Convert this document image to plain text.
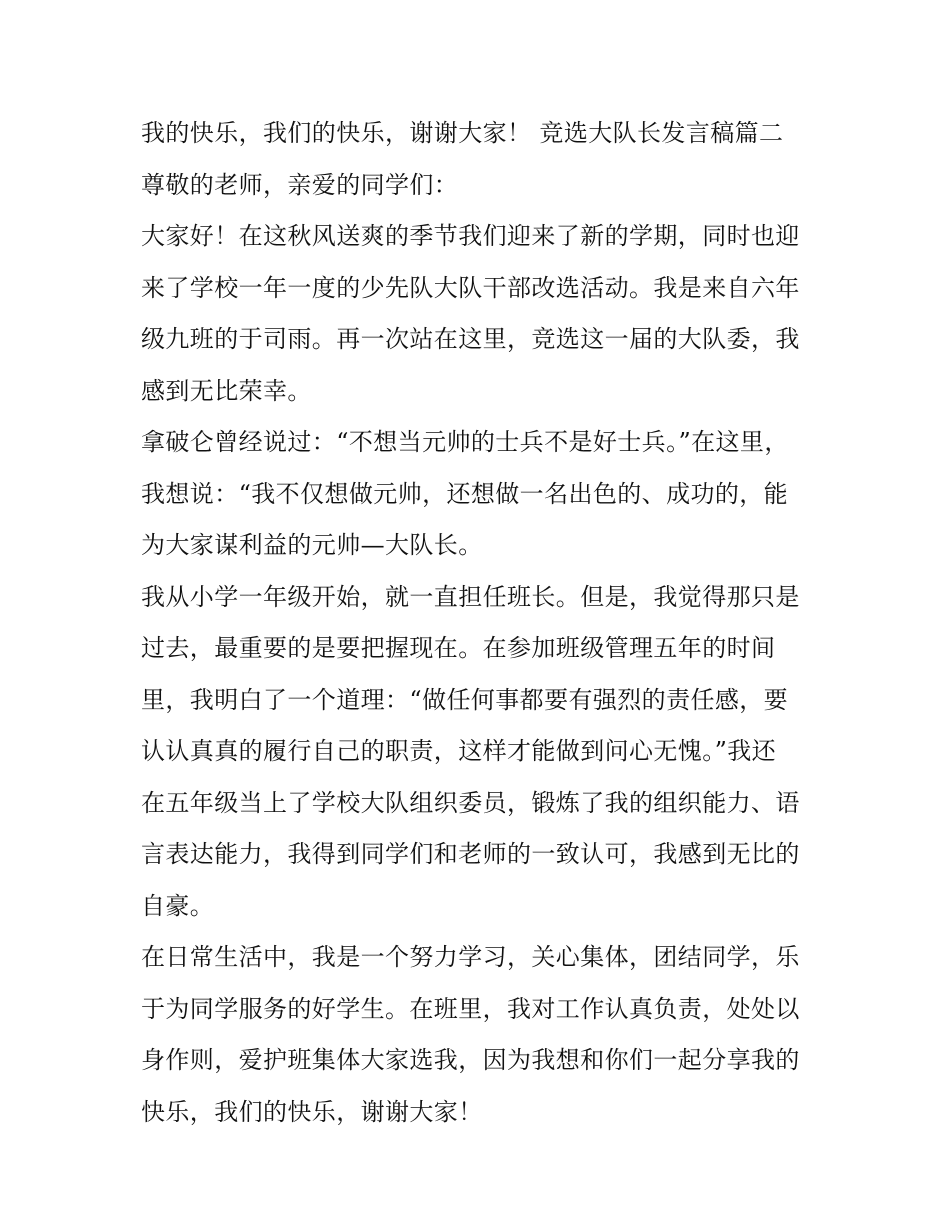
我的快乐，我们的快乐，谢谢大家！ 竞选大队长发言稿篇二
尊敬的老师，亲爱的同学们：
大家好！在这秋风送爽的季节我们迎来了新的学期，同时也迎
来了学校一年一度的少先队大队干部改选活动。我是来自六年
级九班的于司雨。再一次站在这里，竞选这一届的大队委，我
感到无比荣幸。
拿破仑曾经说过：“不想当元帅的士兵不是好士兵。”在这里，
我想说：“我不仅想做元帅，还想做一名出色的、成功的，能
为大家谋利益的元帅—大队长。
我从小学一年级开始，就一直担任班长。但是，我觉得那只是
过去，最重要的是要把握现在。在参加班级管理五年的时间
里，我明白了一个道理：“做任何事都要有强烈的责任感，要
认认真真的履行自己的职责，这样才能做到问心无愧。”我还
在五年级当上了学校大队组织委员，锻炼了我的组织能力、语
言表达能力，我得到同学们和老师的一致认可，我感到无比的
自豪。
在日常生活中，我是一个努力学习，关心集体，团结同学，乐
于为同学服务的好学生。在班里，我对工作认真负责，处处以
身作则，爱护班集体大家选我，因为我想和你们一起分享我的
快乐，我们的快乐，谢谢大家！
